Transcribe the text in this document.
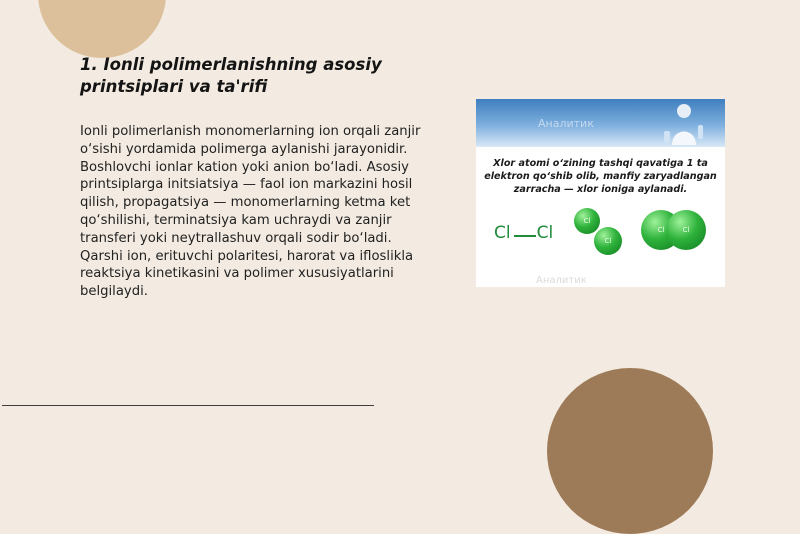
1. Ionli polimerlanishning asosiy printsiplari va ta'rifi
Ionli polimerlanish monomerlarning ion orqali zanjir o‘sishi yordamida polimerga aylanishi jarayonidir. Boshlovchi ionlar kation yoki anion bo‘ladi. Asosiy printsiplarga initsiatsiya — faol ion markazini hosil qilish, propagatsiya — monomerlarning ketma ket qo‘shilishi, terminatsiya kam uchraydi va zanjir transferi yoki neytrallashuv orqali sodir bo‘ladi. Qarshi ion, erituvchi polaritesi, harorat va ifloslikla reaktsiya kinetikasini va polimer xususiyatlarini belgilaydi.
Аналитик
Xlor atomi o‘zining tashqi qavatiga 1 ta elektron qo‘shib olib, manfiy zaryadlangan zarracha — xlor ioniga aylanadi.
Cl Cl
Cl
Cl
Cl	Cl
Аналитик
